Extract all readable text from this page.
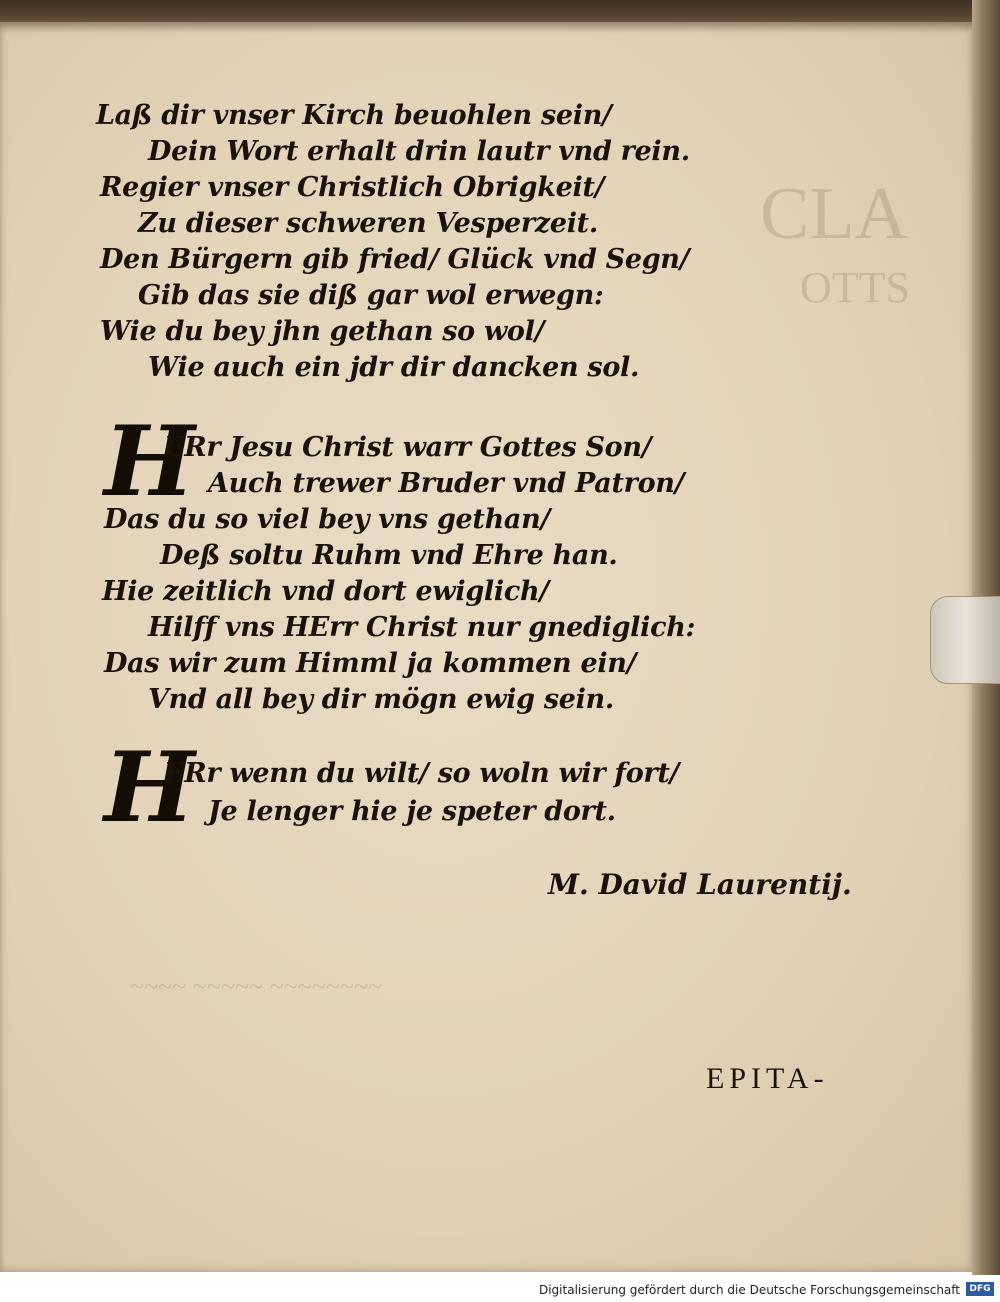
CLA
OTTS
~~~~ ~~~~~ ~~~~~~~~
Laß dir vnser Kirch beuohlen sein/
Dein Wort erhalt drin lautr vnd rein.
Regier vnser Christlich Obrigkeit/
Zu dieser schweren Vesperzeit.
Den Bürgern gib fried/ Glück vnd Segn/
Gib das sie diß gar wol erwegn:
Wie du bey jhn gethan so wol/
Wie auch ein jdr dir dancken sol.
H
ERr Jesu Christ warr Gottes Son/
Auch trewer Bruder vnd Patron/
Das du so viel bey vns gethan/
Deß soltu Ruhm vnd Ehre han.
Hie zeitlich vnd dort ewiglich/
Hilff vns HErr Christ nur gnediglich:
Das wir zum Himml ja kommen ein/
Vnd all bey dir mögn ewig sein.
H
ERr wenn du wilt/ so woln wir fort/
Je lenger hie je speter dort.
M. David Laurentij.
EPITA-
Digitalisierung gefördert durch die Deutsche Forschungsgemeinschaft	DFG
